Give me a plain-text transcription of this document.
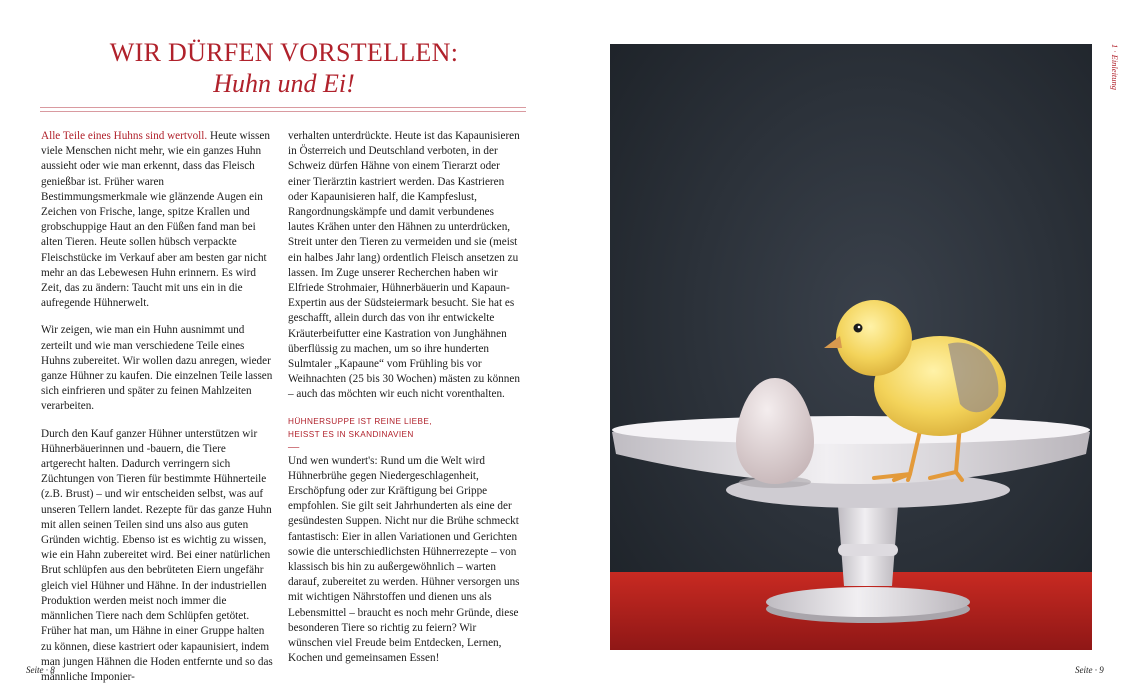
WIR DÜRFEN VORSTELLEN:
Huhn und Ei!

Alle Teile eines Huhns sind wertvoll. Heute wissen viele Menschen nicht mehr, wie ein ganzes Huhn aussieht oder wie man erkennt, dass das Fleisch genießbar ist. Früher waren Bestimmungsmerkmale wie glänzende Augen ein Zeichen von Frische, lange, spitze Krallen und grobschuppige Haut an den Füßen fand man bei alten Tieren. Heute sollen hübsch verpackte Fleischstücke im Verkauf aber am besten gar nicht mehr an das Lebewesen Huhn erinnern. Es wird Zeit, das zu ändern: Taucht mit uns ein in die aufregende Hühnerwelt.

Wir zeigen, wie man ein Huhn ausnimmt und zerteilt und wie man verschiedene Teile eines Huhns zubereitet. Wir wollen dazu anregen, wieder ganze Hühner zu kaufen. Die einzelnen Teile lassen sich einfrieren und später zu feinen Mahlzeiten verarbeiten.

Durch den Kauf ganzer Hühner unterstützen wir Hühnerbäuerinnen und -bauern, die Tiere artgerecht halten. Dadurch verringern sich Züchtungen von Tieren für bestimmte Hühnerteile (z.B. Brust) – und wir entscheiden selbst, was auf unseren Tellern landet. Rezepte für das ganze Huhn mit allen seinen Teilen sind uns also aus guten Gründen wichtig. Ebenso ist es wichtig zu wissen, wie ein Hahn zubereitet wird. Bei einer natürlichen Brut schlüpfen aus den bebrüteten Eiern ungefähr gleich viel Hühner und Hähne. In der industriellen Produktion werden meist noch immer die männlichen Tiere nach dem Schlüpfen getötet. Früher hat man, um Hähne in einer Gruppe halten zu können, diese kastriert oder kapaunisiert, indem man jungen Hähnen die Hoden entfernte und so das männliche Imponier-

verhalten unterdrückte. Heute ist das Kapaunisieren in Österreich und Deutschland verboten, in der Schweiz dürfen Hähne von einem Tierarzt oder einer Tierärztin kastriert werden. Das Kastrieren oder Kapaunisieren half, die Kampfeslust, Rangordnungskämpfe und damit verbundenes lautes Krähen unter den Hähnen zu unterdrücken, Streit unter den Tieren zu vermeiden und sie (meist ein halbes Jahr lang) ordentlich Fleisch ansetzen zu lassen. Im Zuge unserer Recherchen haben wir Elfriede Strohmaier, Hühnerbäuerin und Kapaun-Expertin aus der Südsteiermark besucht. Sie hat es geschafft, allein durch das von ihr entwickelte Kräuterbeifutter eine Kastration von Junghähnen überflüssig zu machen, um so ihre hunderten Sulmtaler „Kapaune“ vom Frühling bis vor Weihnachten (25 bis 30 Wochen) mästen zu können – auch das möchten wir euch nicht vorenthalten.

HÜHNERSUPPE IST REINE LIEBE,
HEISST ES IN SKANDINAVIEN
—

Und wen wundert's: Rund um die Welt wird Hühnerbrühe gegen Niedergeschlagenheit, Erschöpfung oder zur Kräftigung bei Grippe empfohlen. Sie gilt seit Jahrhunderten als eine der gesündesten Suppen. Nicht nur die Brühe schmeckt fantastisch: Eier in allen Variationen und Gerichten sowie die unterschiedlichsten Hühnerrezepte – von klassisch bis hin zu außergewöhnlich – warten darauf, zubereitet zu werden. Hühner versorgen uns mit wichtigen Nährstoffen und dienen uns als Lebensmittel – braucht es noch mehr Gründe, diese besonderen Tiere so richtig zu feiern? Wir wünschen viel Freude beim Entdecken, Lernen, Kochen und gemeinsamen Essen!

Seite · 8	Seite · 9
1 · Einleitung
